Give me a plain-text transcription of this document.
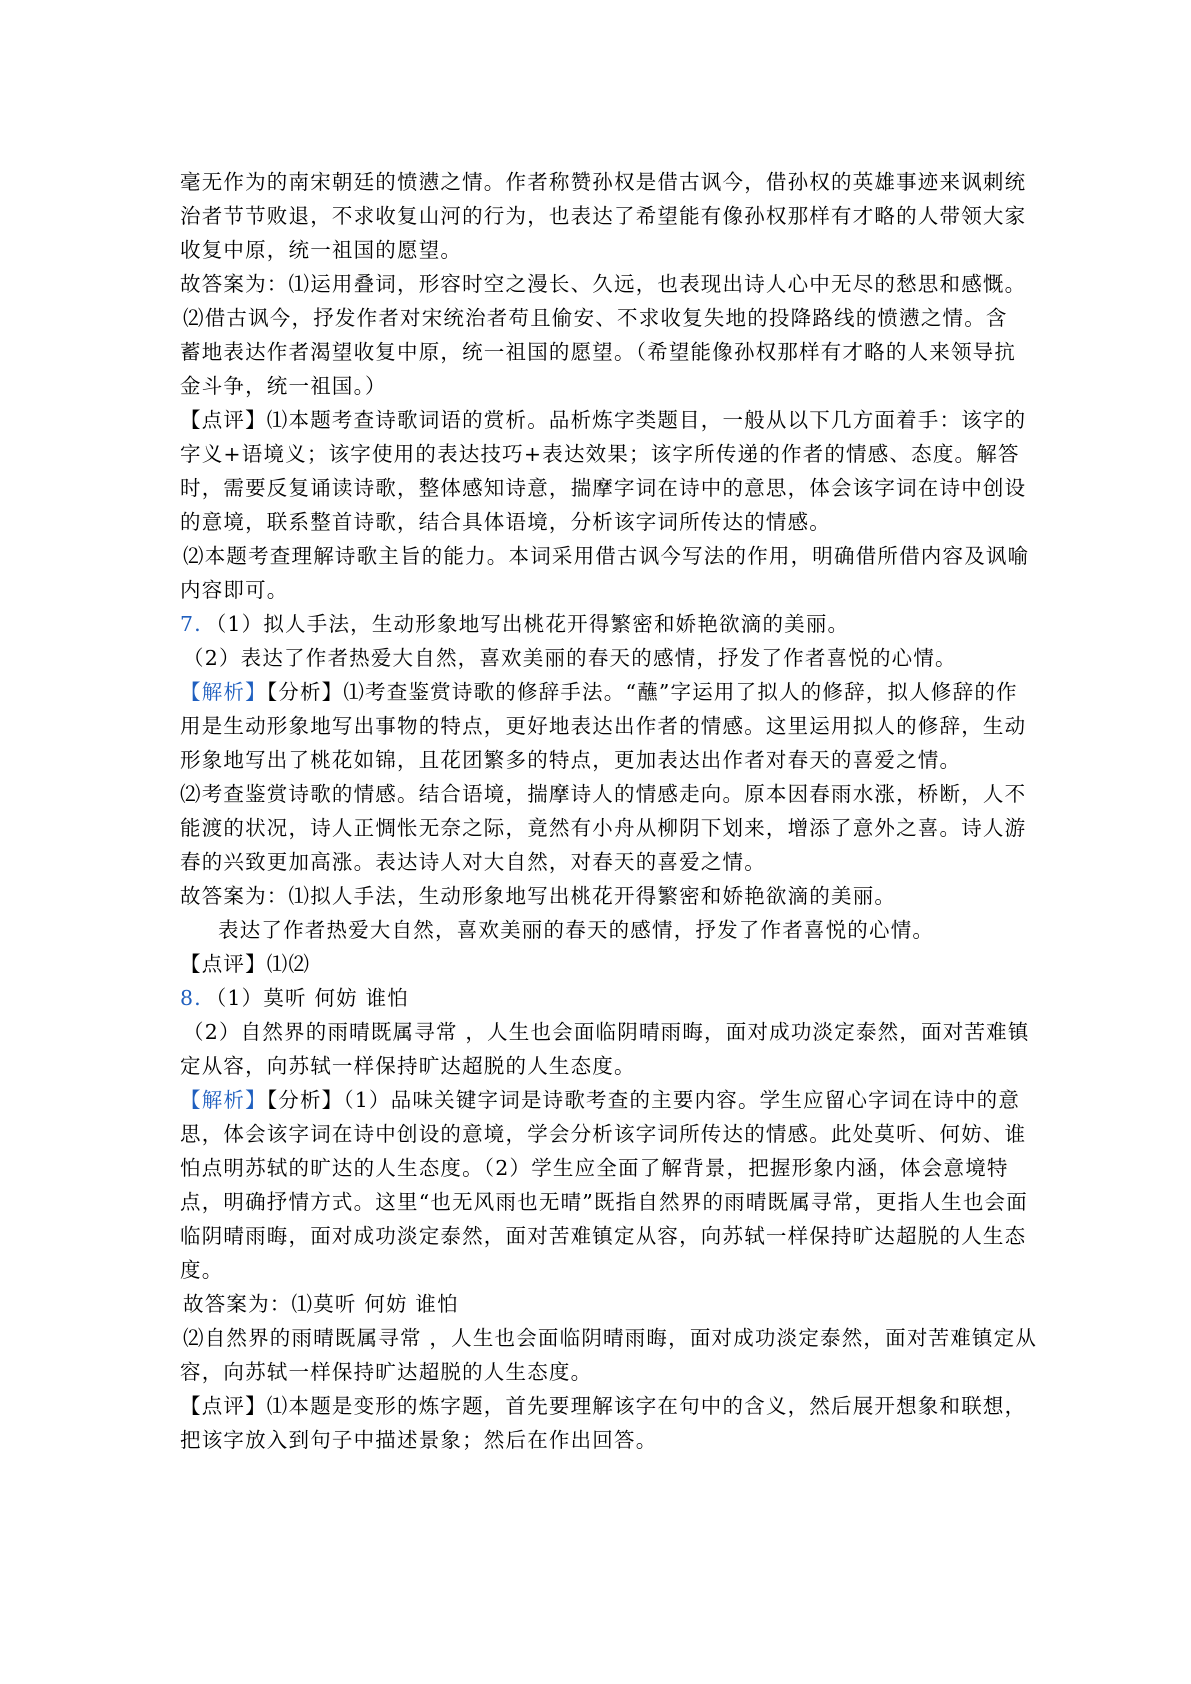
毫无作为的南宋朝廷的愤懑之情。作者称赞孙权是借古讽今，借孙权的英雄事迹来讽刺统
治者节节败退，不求收复山河的行为，也表达了希望能有像孙权那样有才略的人带领大家
收复中原，统一祖国的愿望。
故答案为：⑴运用叠词，形容时空之漫长、久远，也表现出诗人心中无尽的愁思和感慨。
⑵借古讽今，抒发作者对宋统治者苟且偷安、不求收复失地的投降路线的愤懑之情。含
蓄地表达作者渴望收复中原，统一祖国的愿望。（希望能像孙权那样有才略的人来领导抗
金斗争，统一祖国。）
【点评】⑴本题考查诗歌词语的赏析。品析炼字类题目，一般从以下几方面着手：该字的
字义+语境义；该字使用的表达技巧+表达效果；该字所传递的作者的情感、态度。解答
时，需要反复诵读诗歌，整体感知诗意，揣摩字词在诗中的意思，体会该字词在诗中创设
的意境，联系整首诗歌，结合具体语境，分析该字词所传达的情感。
⑵本题考查理解诗歌主旨的能力。本词采用借古讽今写法的作用，明确借所借内容及讽喻
内容即可。
7．（1）拟人手法，生动形象地写出桃花开得繁密和娇艳欲滴的美丽。
（2）表达了作者热爱大自然，喜欢美丽的春天的感情，抒发了作者喜悦的心情。
【解析】【分析】⑴考查鉴赏诗歌的修辞手法。“蘸”字运用了拟人的修辞，拟人修辞的作
用是生动形象地写出事物的特点，更好地表达出作者的情感。这里运用拟人的修辞，生动
形象地写出了桃花如锦，且花团繁多的特点，更加表达出作者对春天的喜爱之情。
⑵考查鉴赏诗歌的情感。结合语境，揣摩诗人的情感走向。原本因春雨水涨，桥断，人不
能渡的状况，诗人正惆怅无奈之际，竟然有小舟从柳阴下划来，增添了意外之喜。诗人游
春的兴致更加高涨。表达诗人对大自然，对春天的喜爱之情。
故答案为：⑴拟人手法，生动形象地写出桃花开得繁密和娇艳欲滴的美丽。
表达了作者热爱大自然，喜欢美丽的春天的感情，抒发了作者喜悦的心情。
【点评】⑴⑵
8．（1）莫听 何妨 谁怕
（2）自然界的雨晴既属寻常 ，人生也会面临阴晴雨晦，面对成功淡定泰然，面对苦难镇
定从容，向苏轼一样保持旷达超脱的人生态度。
【解析】【分析】（1）品味关键字词是诗歌考查的主要内容。学生应留心字词在诗中的意
思，体会该字词在诗中创设的意境，学会分析该字词所传达的情感。此处莫听、何妨、谁
怕点明苏轼的旷达的人生态度。（2）学生应全面了解背景，把握形象内涵，体会意境特
点，明确抒情方式。这里“也无风雨也无晴”既指自然界的雨晴既属寻常，更指人生也会面
临阴晴雨晦，面对成功淡定泰然，面对苦难镇定从容，向苏轼一样保持旷达超脱的人生态
度。
故答案为：⑴莫听 何妨 谁怕
⑵自然界的雨晴既属寻常 ，人生也会面临阴晴雨晦，面对成功淡定泰然，面对苦难镇定从
容，向苏轼一样保持旷达超脱的人生态度。
【点评】⑴本题是变形的炼字题，首先要理解该字在句中的含义，然后展开想象和联想，
把该字放入到句子中描述景象；然后在作出回答。
